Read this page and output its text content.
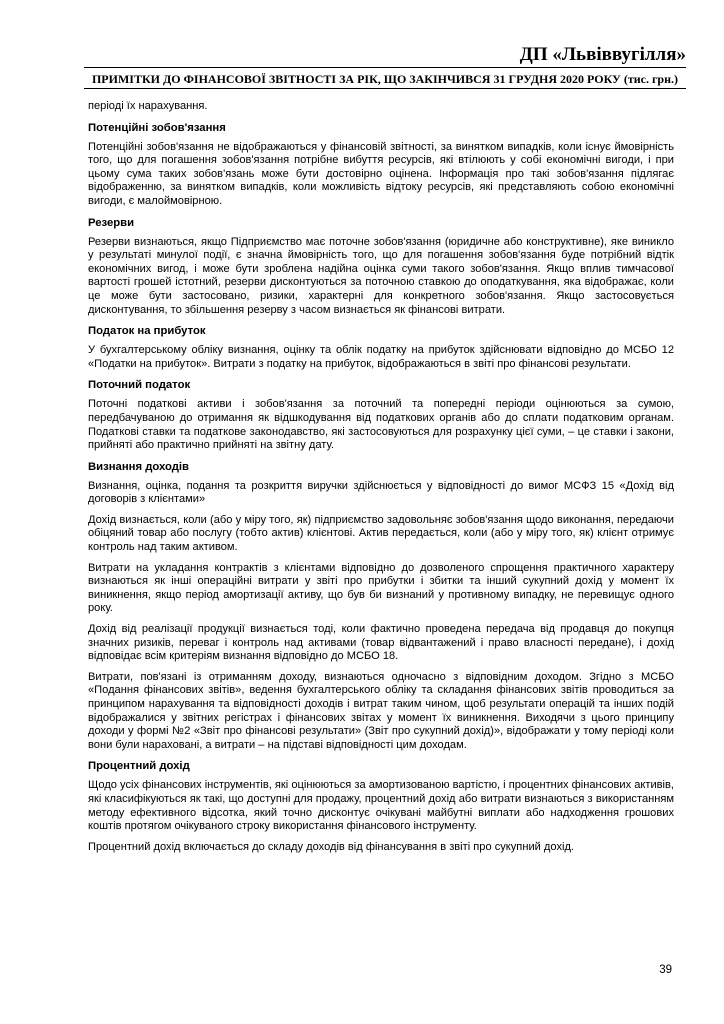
ДП «Львіввугілля»
ПРИМІТКИ ДО ФІНАНСОВОЇ ЗВІТНОСТІ ЗА РІК, ЩО ЗАКІНЧИВСЯ 31 ГРУДНЯ 2020 РОКУ (тис. грн.)

періоді їх нарахування.

Потенційні зобов'язання

Потенційні зобов'язання не відображаються у фінансовій звітності, за винятком випадків, коли існує ймовірність того, що для погашення зобов'язання потрібне вибуття ресурсів, які втілюють у собі економічні вигоди, і при цьому сума таких зобов'язань може бути достовірно оцінена. Інформація про такі зобов'язання підлягає відображенню, за винятком випадків, коли можливість відтоку ресурсів, які представляють собою економічні вигоди, є малоймовірною.

Резерви

Резерви визнаються, якщо Підприємство має поточне зобов'язання (юридичне або конструктивне), яке виникло у результаті минулої події, є значна ймовірність того, що для погашення зобов'язання буде потрібний відтік економічних вигод, і може бути зроблена надійна оцінка суми такого зобов'язання. Якщо вплив тимчасової вартості грошей істотний, резерви дисконтуються за поточною ставкою до оподаткування, яка відображає, коли це може бути застосовано, ризики, характерні для конкретного зобов'язання. Якщо застосовується дисконтування, то збільшення резерву з часом визнається як фінансові витрати.

Податок на прибуток

У бухгалтерському обліку визнання, оцінку та облік податку на прибуток здійснювати відповідно до МСБО 12 «Податки на прибуток». Витрати з податку на прибуток, відображаються в звіті про фінансові результати.

Поточний податок

Поточні податкові активи і зобов'язання за поточний та попередні періоди оцінюються за сумою, передбачуваною до отримання як відшкодування від податкових органів або до сплати податковим органам. Податкові ставки та податкове законодавство, які застосовуються для розрахунку цієї суми, – це ставки і закони, прийняті або практично прийняті на звітну дату.

Визнання доходів

Визнання, оцінка, подання та розкриття виручки здійснюється у відповідності до вимог МСФЗ 15 «Дохід від договорів з клієнтами»

Дохід визнається, коли (або у міру того, як) підприємство задовольняє зобов'язання щодо виконання, передаючи обіцяний товар або послугу (тобто актив) клієнтові. Актив передається, коли (або у міру того, як) клієнт отримує контроль над таким активом.

Витрати на укладання контрактів з клієнтами відповідно до дозволеного спрощення практичного характеру визнаються як інші операційні витрати у звіті про прибутки і збитки та інший сукупний дохід у момент їх виникнення, якщо період амортизації активу, що був би визнаний у противному випадку, не перевищує одного року.

Дохід від реалізації продукції визнається тоді, коли фактично проведена передача від продавця до покупця значних ризиків, переваг і контроль над активами (товар відвантажений і право власності передане), і дохід відповідає всім критеріям визнання відповідно до МСБО 18.

Витрати, пов'язані із отриманням доходу, визнаються одночасно з відповідним доходом. Згідно з МСБО «Подання фінансових звітів», ведення бухгалтерського обліку та складання фінансових звітів проводиться за принципом нарахування та відповідності доходів і витрат таким чином, щоб результати операцій та інших подій відображалися у звітних регістрах і фінансових звітах у момент їх виникнення. Виходячи з цього принципу доходи у формі №2 «Звіт про фінансові результати» (Звіт про сукупний дохід)», відображати у тому періоді коли вони були нараховані, а витрати – на підставі відповідності цим доходам.

Процентний дохід

Щодо усіх фінансових інструментів, які оцінюються за амортизованою вартістю, і процентних фінансових активів, які класифікуються як такі, що доступні для продажу, процентний дохід або витрати визнаються з використанням методу ефективного відсотка, який точно дисконтує очікувані майбутні виплати або надходження грошових коштів протягом очікуваного строку використання фінансового інструменту.

Процентний дохід включається до складу доходів від фінансування в звіті про сукупний дохід.

39
